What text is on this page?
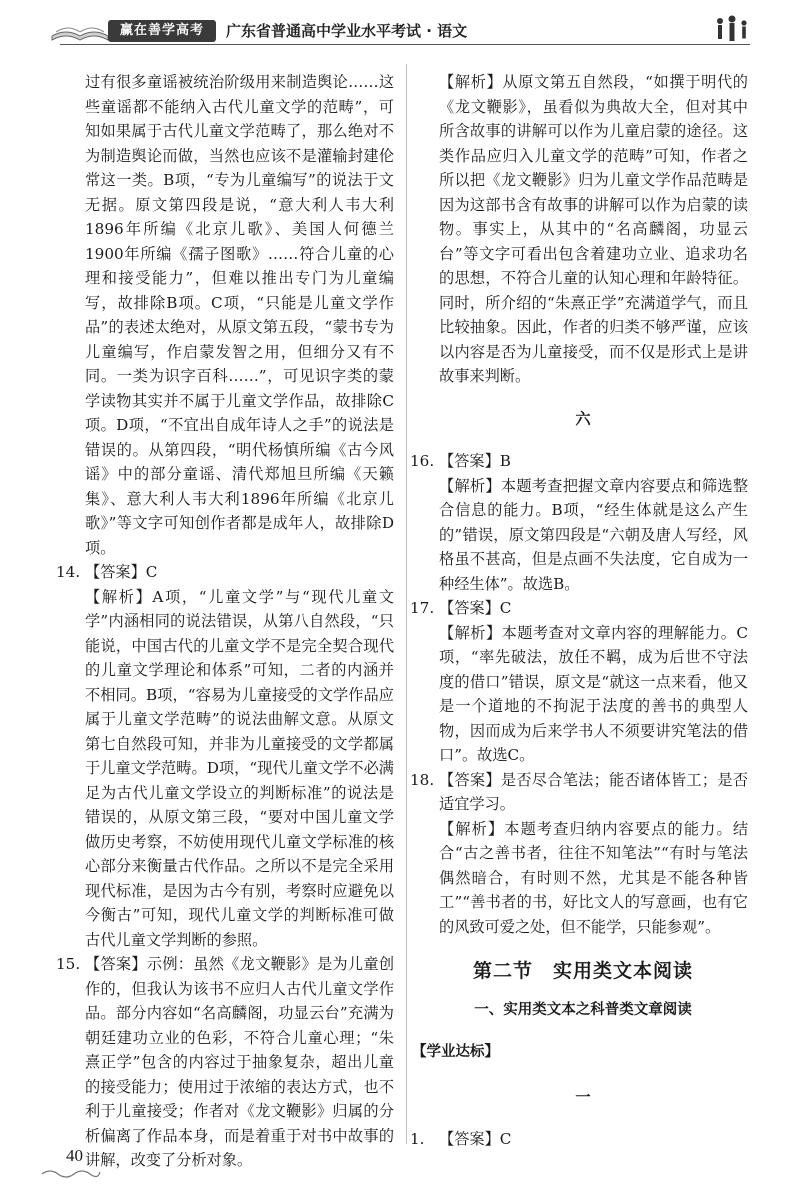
赢在善学高考	广东省普通高中学业水平考试 · 语文

过有很多童谣被统治阶级用来制造舆论……这些童谣都不能纳入古代儿童文学的范畴”，可知如果属于古代儿童文学范畴了，那么绝对不为制造舆论而做，当然也应该不是灌输封建伦常这一类。B项，“专为儿童编写”的说法于文无据。原文第四段是说，“意大利人韦大利1896年所编《北京儿歌》、美国人何德兰1900年所编《孺子图歌》……符合儿童的心理和接受能力”，但难以推出专门为儿童编写，故排除B项。C项，“只能是儿童文学作品”的表述太绝对，从原文第五段，“蒙书专为儿童编写，作启蒙发智之用，但细分又有不同。一类为识字百科……”，可见识字类的蒙学读物其实并不属于儿童文学作品，故排除C项。D项，“不宜出自成年诗人之手”的说法是错误的。从第四段，“明代杨慎所编《古今风谣》中的部分童谣、清代郑旭旦所编《天籁集》、意大利人韦大利1896年所编《北京儿歌》”等文字可知创作者都是成年人，故排除D项。

14. 【答案】C

【解析】A项，“儿童文学”与“现代儿童文学”内涵相同的说法错误，从第八自然段，“只能说，中国古代的儿童文学不是完全契合现代的儿童文学理论和体系”可知，二者的内涵并不相同。B项，“容易为儿童接受的文学作品应属于儿童文学范畴”的说法曲解文意。从原文第七自然段可知，并非为儿童接受的文学都属于儿童文学范畴。D项，“现代儿童文学不必满足为古代儿童文学设立的判断标准”的说法是错误的，从原文第三段，“要对中国儿童文学做历史考察，不妨使用现代儿童文学标准的核心部分来衡量古代作品。之所以不是完全采用现代标准，是因为古今有别，考察时应避免以今衡古”可知，现代儿童文学的判断标准可做古代儿童文学判断的参照。

15. 【答案】示例：虽然《龙文鞭影》是为儿童创作的，但我认为该书不应归人古代儿童文学作品。部分内容如“名高麟阁，功显云台”充满为朝廷建功立业的色彩，不符合儿童心理；“朱熹正学”包含的内容过于抽象复杂，超出儿童的接受能力；使用过于浓缩的表达方式，也不利于儿童接受；作者对《龙文鞭影》归属的分析偏离了作品本身，而是着重于对书中故事的讲解，改变了分析对象。

【解析】从原文第五自然段，“如撰于明代的《龙文鞭影》，虽看似为典故大全，但对其中所含故事的讲解可以作为儿童启蒙的途径。这类作品应归入儿童文学的范畴”可知，作者之所以把《龙文鞭影》归为儿童文学作品范畴是因为这部书含有故事的讲解可以作为启蒙的读物。事实上，从其中的“名高麟阁，功显云台”等文字可看出包含着建功立业、追求功名的思想，不符合儿童的认知心理和年龄特征。同时，所介绍的“朱熹正学”充满道学气，而且比较抽象。因此，作者的归类不够严谨，应该以内容是否为儿童接受，而不仅是形式上是讲故事来判断。

六
16. 【答案】B

【解析】本题考查把握文章内容要点和筛选整合信息的能力。B项，“经生体就是这么产生的”错误，原文第四段是“六朝及唐人写经，风格虽不甚高，但是点画不失法度，它自成为一种经生体”。故选B。

17. 【答案】C

【解析】本题考查对文章内容的理解能力。C项，“率先破法，放任不羁，成为后世不守法度的借口”错误，原文是“就这一点来看，他又是一个道地的不拘泥于法度的善书的典型人物，因而成为后来学书人不须要讲究笔法的借口”。故选C。

18. 【答案】是否尽合笔法；能否诸体皆工；是否适宜学习。

【解析】本题考查归纳内容要点的能力。结合“古之善书者，往往不知笔法”“有时与笔法偶然暗合，有时则不然，尤其是不能各种皆工”“善书者的书，好比文人的写意画，也有它的风致可爱之处，但不能学，只能参观”。

第二节　实用类文本阅读
一、实用类文本之科普类文章阅读
【学业达标】
一
1. 【答案】C

40
